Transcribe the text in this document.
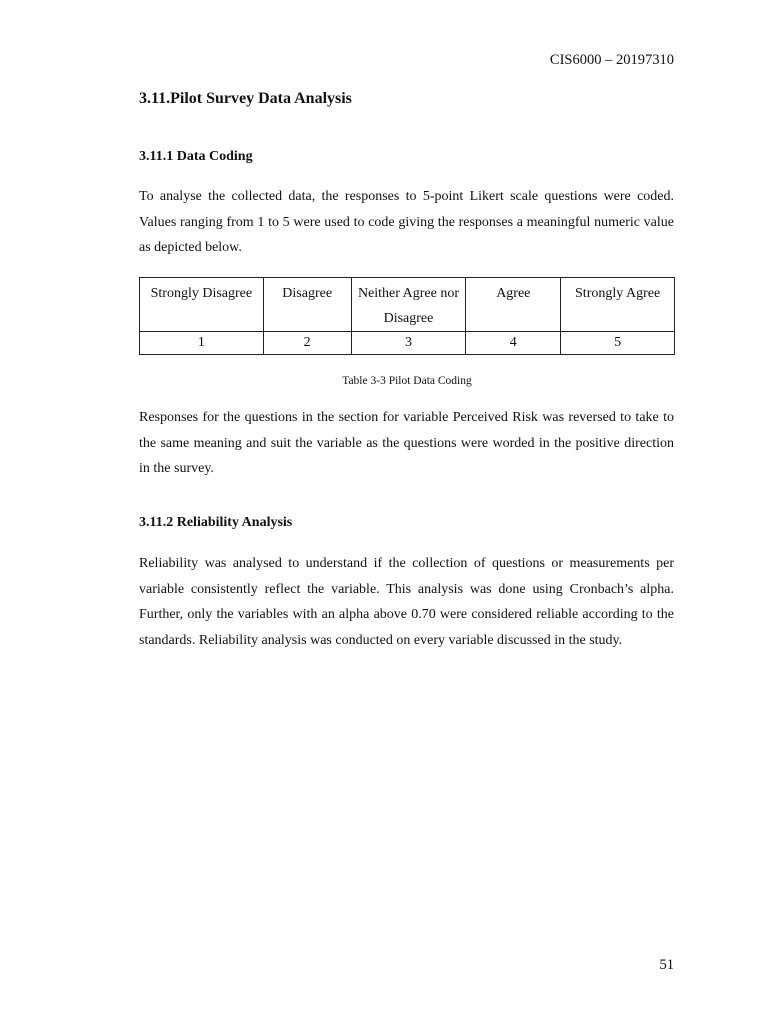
CIS6000 – 20197310
3.11.Pilot Survey Data Analysis
3.11.1 Data Coding

To analyse the collected data, the responses to 5-point Likert scale questions were coded. Values ranging from 1 to 5 were used to code giving the responses a meaningful numeric value as depicted below.

Strongly Disagree	Disagree	Neither Agree nor Disagree	Agree	Strongly Agree
1	2	3	4	5
Table 3-3 Pilot Data Coding

Responses for the questions in the section for variable Perceived Risk was reversed to take to the same meaning and suit the variable as the questions were worded in the positive direction in the survey.

3.11.2 Reliability Analysis

Reliability was analysed to understand if the collection of questions or measurements per variable consistently reflect the variable. This analysis was done using Cronbach’s alpha. Further, only the variables with an alpha above 0.70 were considered reliable according to the standards. Reliability analysis was conducted on every variable discussed in the study.

51
